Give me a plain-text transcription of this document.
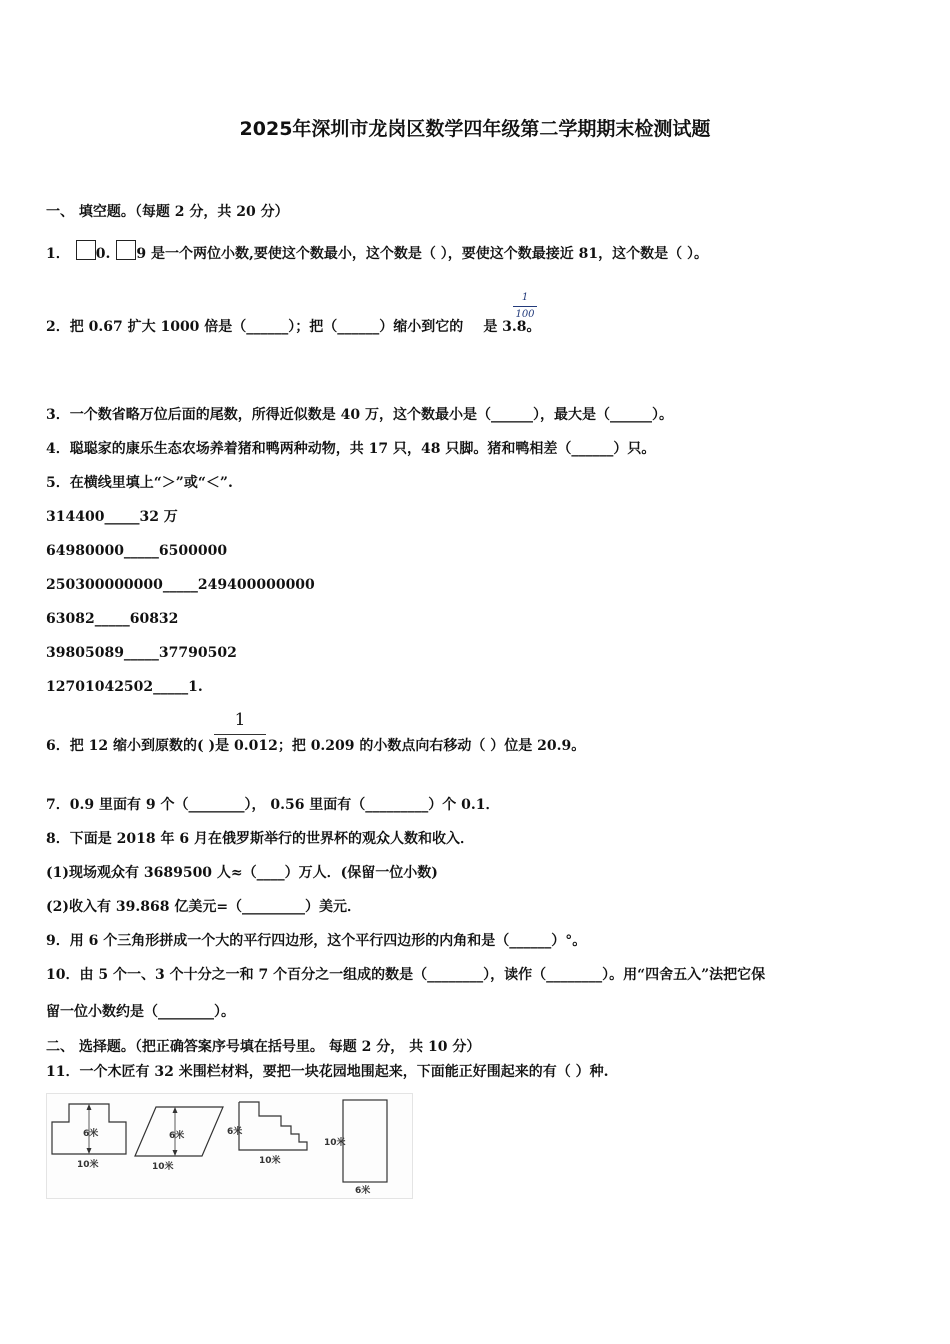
2025年深圳市龙岗区数学四年级第二学期期末检测试题
一、 填空题。（每题 2 分，共 20 分）
1． 0. 9 是一个两位小数,要使这个数最小，这个数是（ ），要使这个数最接近 81，这个数是（ ）。
2．把 0.67 扩大 1000 倍是（______）；把（______）缩小到它的 是 3.8。
1
100
3．一个数省略万位后面的尾数，所得近似数是 40 万，这个数最小是（______），最大是（______）。
4．聪聪家的康乐生态农场养着猪和鸭两种动物，共 17 只，48 只脚。猪和鸭相差（______）只。
5．在横线里填上“＞”或“＜”.
314400_____32 万
64980000_____6500000
250300000000_____249400000000
63082_____60832
39805089_____37790502
12701042502_____1.
1
6．把 12 缩小到原数的( )是 0.012；把 0.209 的小数点向右移动（ ）位是 20.9。
7．0.9 里面有 9 个（________）， 0.56 里面有（_________）个 0.1．
8．下面是 2018 年 6 月在俄罗斯举行的世界杯的观众人数和收入．
(1)现场观众有 3689500 人≈（____）万人．(保留一位小数)
(2)收入有 39.868 亿美元=（_________）美元．
9．用 6 个三角形拼成一个大的平行四边形，这个平行四边形的内角和是（______）°。
10．由 5 个一、3 个十分之一和 7 个百分之一组成的数是（________），读作（________）。用“四舍五入”法把它保
留一位小数约是（________）。
二、 选择题。（把正确答案序号填在括号里。 每题 2 分， 共 10 分）
11．一个木匠有 32 米围栏材料，要把一块花园地围起来，下面能正好围起来的有（ ）种.
6米
10米
6米
10米
6米
10米
10米
6米
